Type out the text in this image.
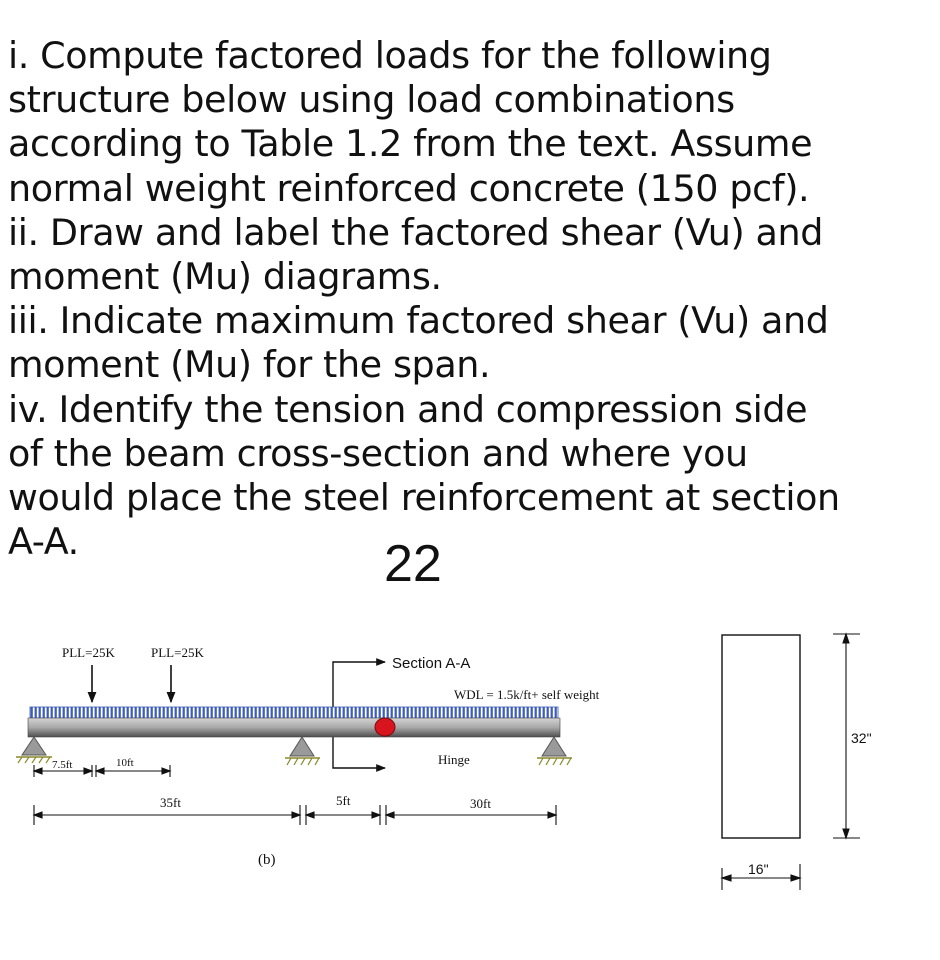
i. Compute factored loads for the following

structure below using load combinations

according to Table 1.2 from the text. Assume

normal weight reinforced concrete (150 pcf).

ii. Draw and label the factored shear (Vu) and

moment (Mu) diagrams.

iii. Indicate maximum factored shear (Vu) and

moment (Mu) for the span.

iv. Identify the tension and compression side

of the beam cross-section and where you

would place the steel reinforcement at section

A-A.	22
PLL=25K	PLL=25K
Section A-A
WDL = 1.5k/ft+ self weight
Hinge
7.5ft	10ft
35ft	5ft	30ft
(b)
32"
16"
